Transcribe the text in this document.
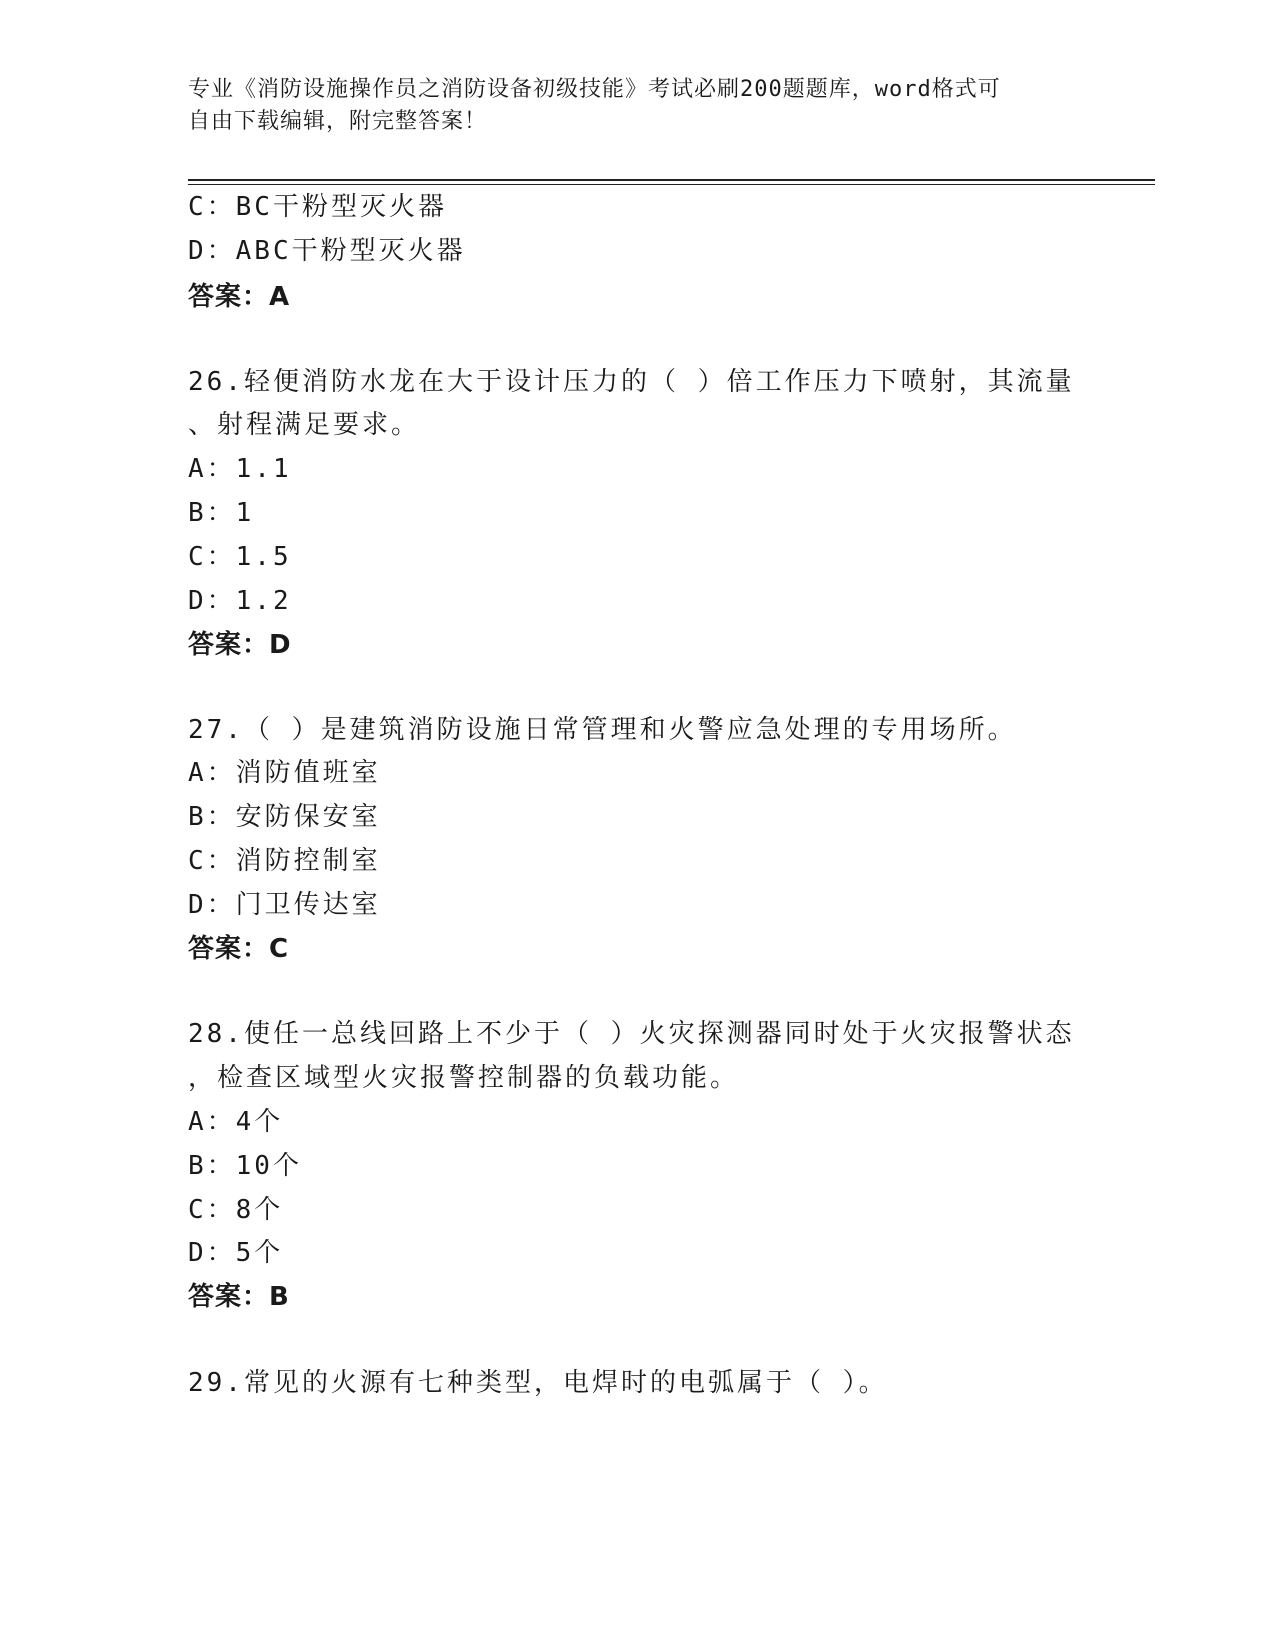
专业《消防设施操作员之消防设备初级技能》考试必刷200题题库，word格式可
自由下载编辑，附完整答案！
C：BC干粉型灭火器
D：ABC干粉型灭火器
答案：A
26.轻便消防水龙在大于设计压力的（ ）倍工作压力下喷射，其流量
、射程满足要求。
A：1.1
B：1
C：1.5
D：1.2
答案：D
27.（ ）是建筑消防设施日常管理和火警应急处理的专用场所。
A：消防值班室
B：安防保安室
C：消防控制室
D：门卫传达室
答案：C
28.使任一总线回路上不少于（ ）火灾探测器同时处于火灾报警状态
，检查区域型火灾报警控制器的负载功能。
A：4个
B：10个
C：8个
D：5个
答案：B
29.常见的火源有七种类型，电焊时的电弧属于（ ）。
